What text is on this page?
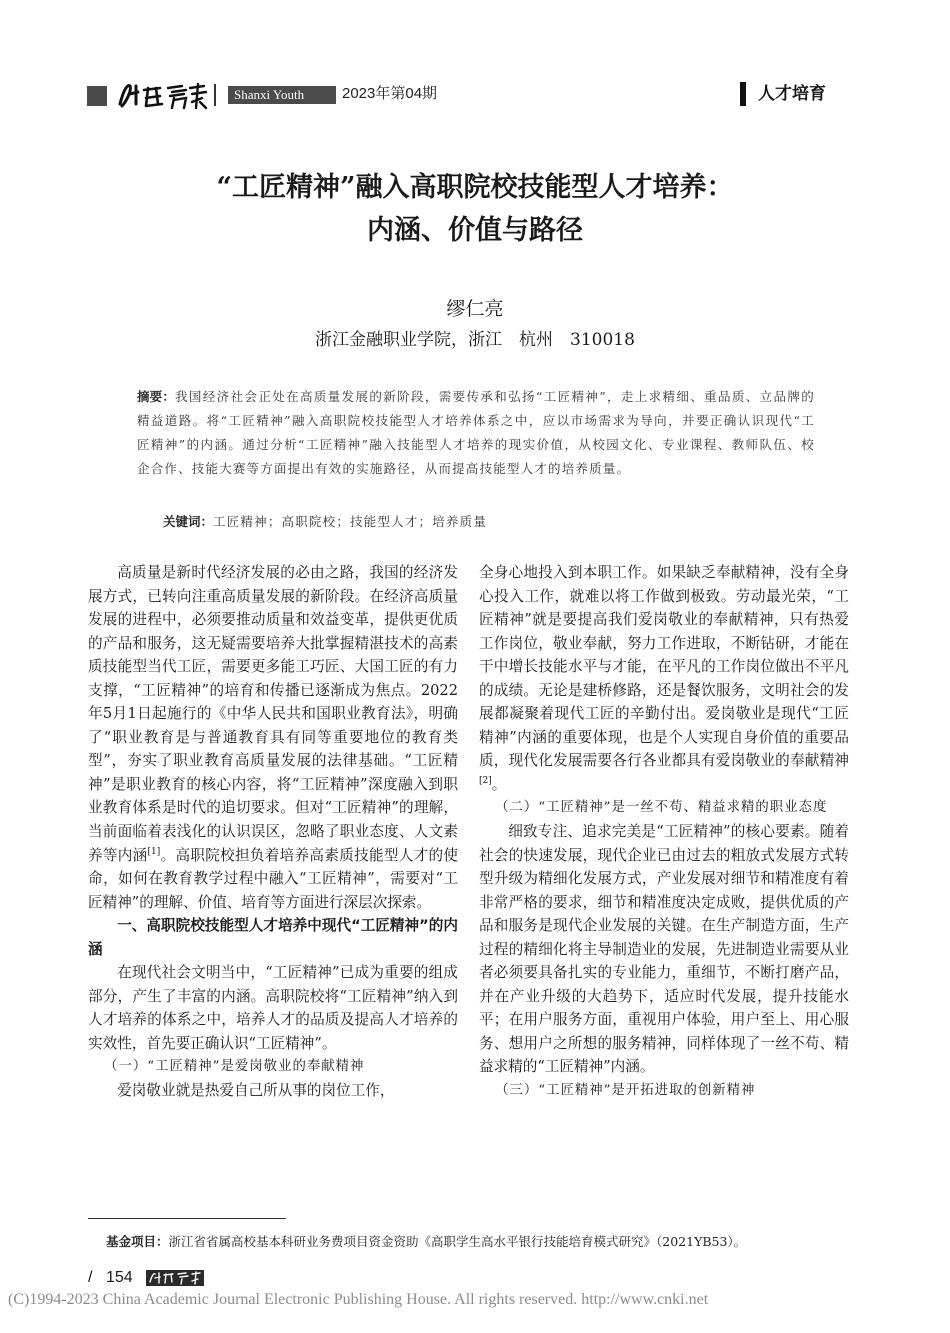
Shanxi Youth	2023年第04期	人才培育
“工匠精神”融入高职院校技能型人才培养：
内涵、价值与路径
缪仁亮
浙江金融职业学院，浙江　杭州　310018
摘要：我国经济社会正处在高质量发展的新阶段，需要传承和弘扬“工匠精神”，走上求精细、重品质、立品牌的精益道路。将“工匠精神”融入高职院校技能型人才培养体系之中，应以市场需求为导向，并要正确认识现代“工匠精神”的内涵。通过分析“工匠精神”融入技能型人才培养的现实价值，从校园文化、专业课程、教师队伍、校企合作、技能大赛等方面提出有效的实施路径，从而提高技能型人才的培养质量。
关键词：工匠精神；高职院校；技能型人才；培养质量

高质量是新时代经济发展的必由之路，我国的经济发展方式，已转向注重高质量发展的新阶段。在经济高质量发展的进程中，必须要推动质量和效益变革，提供更优质的产品和服务，这无疑需要培养大批掌握精湛技术的高素质技能型当代工匠，需要更多能工巧匠、大国工匠的有力支撑，“工匠精神”的培育和传播已逐渐成为焦点。2022年5月1日起施行的《中华人民共和国职业教育法》，明确了“职业教育是与普通教育具有同等重要地位的教育类型”，夯实了职业教育高质量发展的法律基础。“工匠精神”是职业教育的核心内容，将“工匠精神”深度融入到职业教育体系是时代的追切要求。但对“工匠精神”的理解，当前面临着表浅化的认识误区，忽略了职业态度、人文素养等内涵[1]。高职院校担负着培养高素质技能型人才的使命，如何在教育教学过程中融入“工匠精神”，需要对“工匠精神”的理解、价值、培育等方面进行深层次探索。

一、高职院校技能型人才培养中现代“工匠精神”的内涵

在现代社会文明当中，“工匠精神”已成为重要的组成部分，产生了丰富的内涵。高职院校将“工匠精神”纳入到人才培养的体系之中，培养人才的品质及提高人才培养的实效性，首先要正确认识“工匠精神”。

（一）“工匠精神”是爱岗敬业的奉献精神

爱岗敬业就是热爱自己所从事的岗位工作，

全身心地投入到本职工作。如果缺乏奉献精神，没有全身心投入工作，就难以将工作做到极致。劳动最光荣，“工匠精神”就是要提高我们爱岗敬业的奉献精神，只有热爱工作岗位，敬业奉献，努力工作进取，不断钻研，才能在干中增长技能水平与才能，在平凡的工作岗位做出不平凡的成绩。无论是建桥修路，还是餐饮服务，文明社会的发展都凝聚着现代工匠的辛勤付出。爱岗敬业是现代“工匠精神”内涵的重要体现，也是个人实现自身价值的重要品质，现代化发展需要各行各业都具有爱岗敬业的奉献精神[2]。

（二）“工匠精神”是一丝不苟、精益求精的职业态度

细致专注、追求完美是“工匠精神”的核心要素。随着社会的快速发展，现代企业已由过去的粗放式发展方式转型升级为精细化发展方式，产业发展对细节和精准度有着非常严格的要求，细节和精准度决定成败，提供优质的产品和服务是现代企业发展的关键。在生产制造方面，生产过程的精细化将主导制造业的发展，先进制造业需要从业者必须要具备扎实的专业能力，重细节，不断打磨产品，并在产业升级的大趋势下，适应时代发展，提升技能水平；在用户服务方面，重视用户体验，用户至上、用心服务、想用户之所想的服务精神，同样体现了一丝不苟、精益求精的“工匠精神”内涵。

（三）“工匠精神”是开拓进取的创新精神
基金项目：浙江省省属高校基本科研业务费项目资金资助《高职学生高水平银行技能培育模式研究》（2021YB53）。
/ 154
(C)1994-2023 China Academic Journal Electronic Publishing House. All rights reserved. http://www.cnki.net
